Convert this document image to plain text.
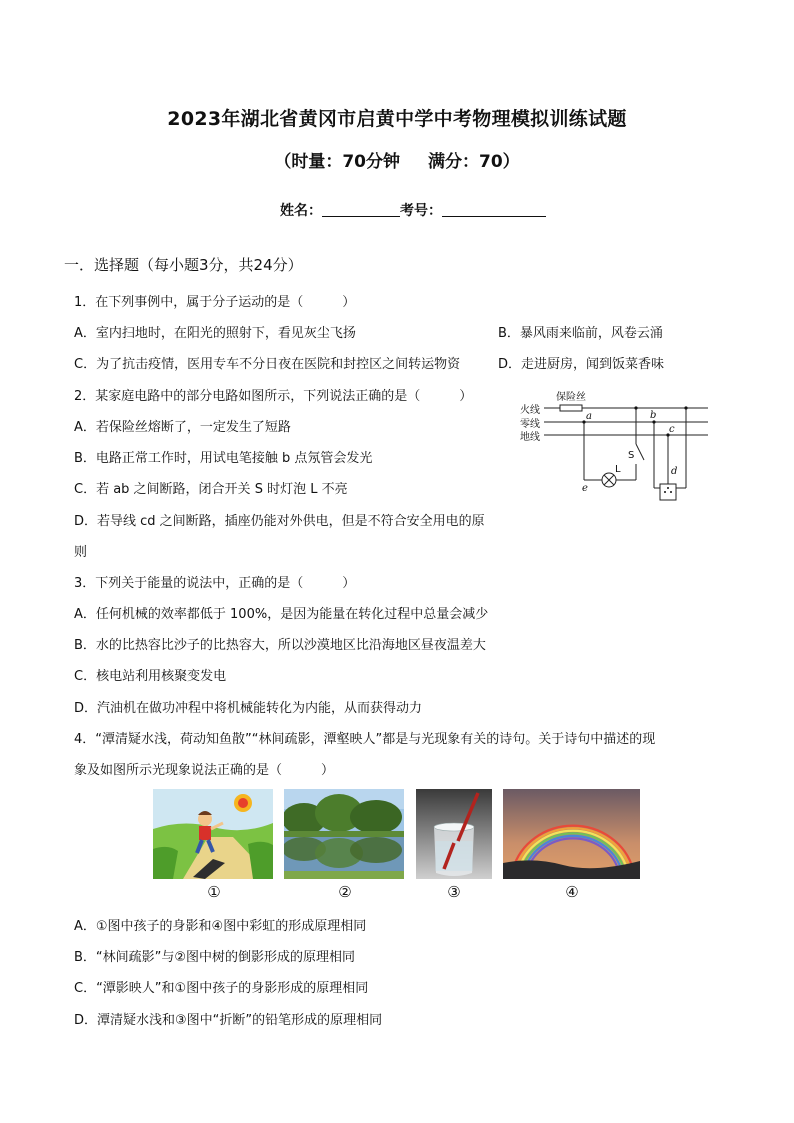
2023年湖北省黄冈市启黄中学中考物理模拟训练试题
（时量：70分钟 满分：70）
姓名：	考号：
一．选择题（每小题3分，共24分）
1．在下列事例中，属于分子运动的是（　　　）
A．室内扫地时，在阳光的照射下，看见灰尘飞扬	B．暴风雨来临前，风卷云涌
C．为了抗击疫情，医用专车不分日夜在医院和封控区之间转运物资	D．走进厨房，闻到饭菜香味
2．某家庭电路中的部分电路如图所示，下列说法正确的是（　　　）
A．若保险丝熔断了，一定发生了短路
B．电路正常工作时，用试电笔接触 b 点氖管会发光
C．若 ab 之间断路，闭合开关 S 时灯泡 L 不亮
D．若导线 cd 之间断路，插座仍能对外供电，但是不符合安全用电的原
则
保险丝
火线
零线
地线
a	b
c
d
e
S
L
3．下列关于能量的说法中，正确的是（　　　）
A．任何机械的效率都低于 100%，是因为能量在转化过程中总量会减少
B．水的比热容比沙子的比热容大，所以沙漠地区比沿海地区昼夜温差大
C．核电站利用核聚变发电
D．汽油机在做功冲程中将机械能转化为内能，从而获得动力
4．“潭清疑水浅，荷动知鱼散”“林间疏影，潭壑映人”都是与光现象有关的诗句。关于诗句中描述的现
象及如图所示光现象说法正确的是（　　　）
①	②	③	④
A．①图中孩子的身影和④图中彩虹的形成原理相同
B．“林间疏影”与②图中树的倒影形成的原理相同
C．“潭影映人”和①图中孩子的身影形成的原理相同
D．潭清疑水浅和③图中“折断”的铅笔形成的原理相同
